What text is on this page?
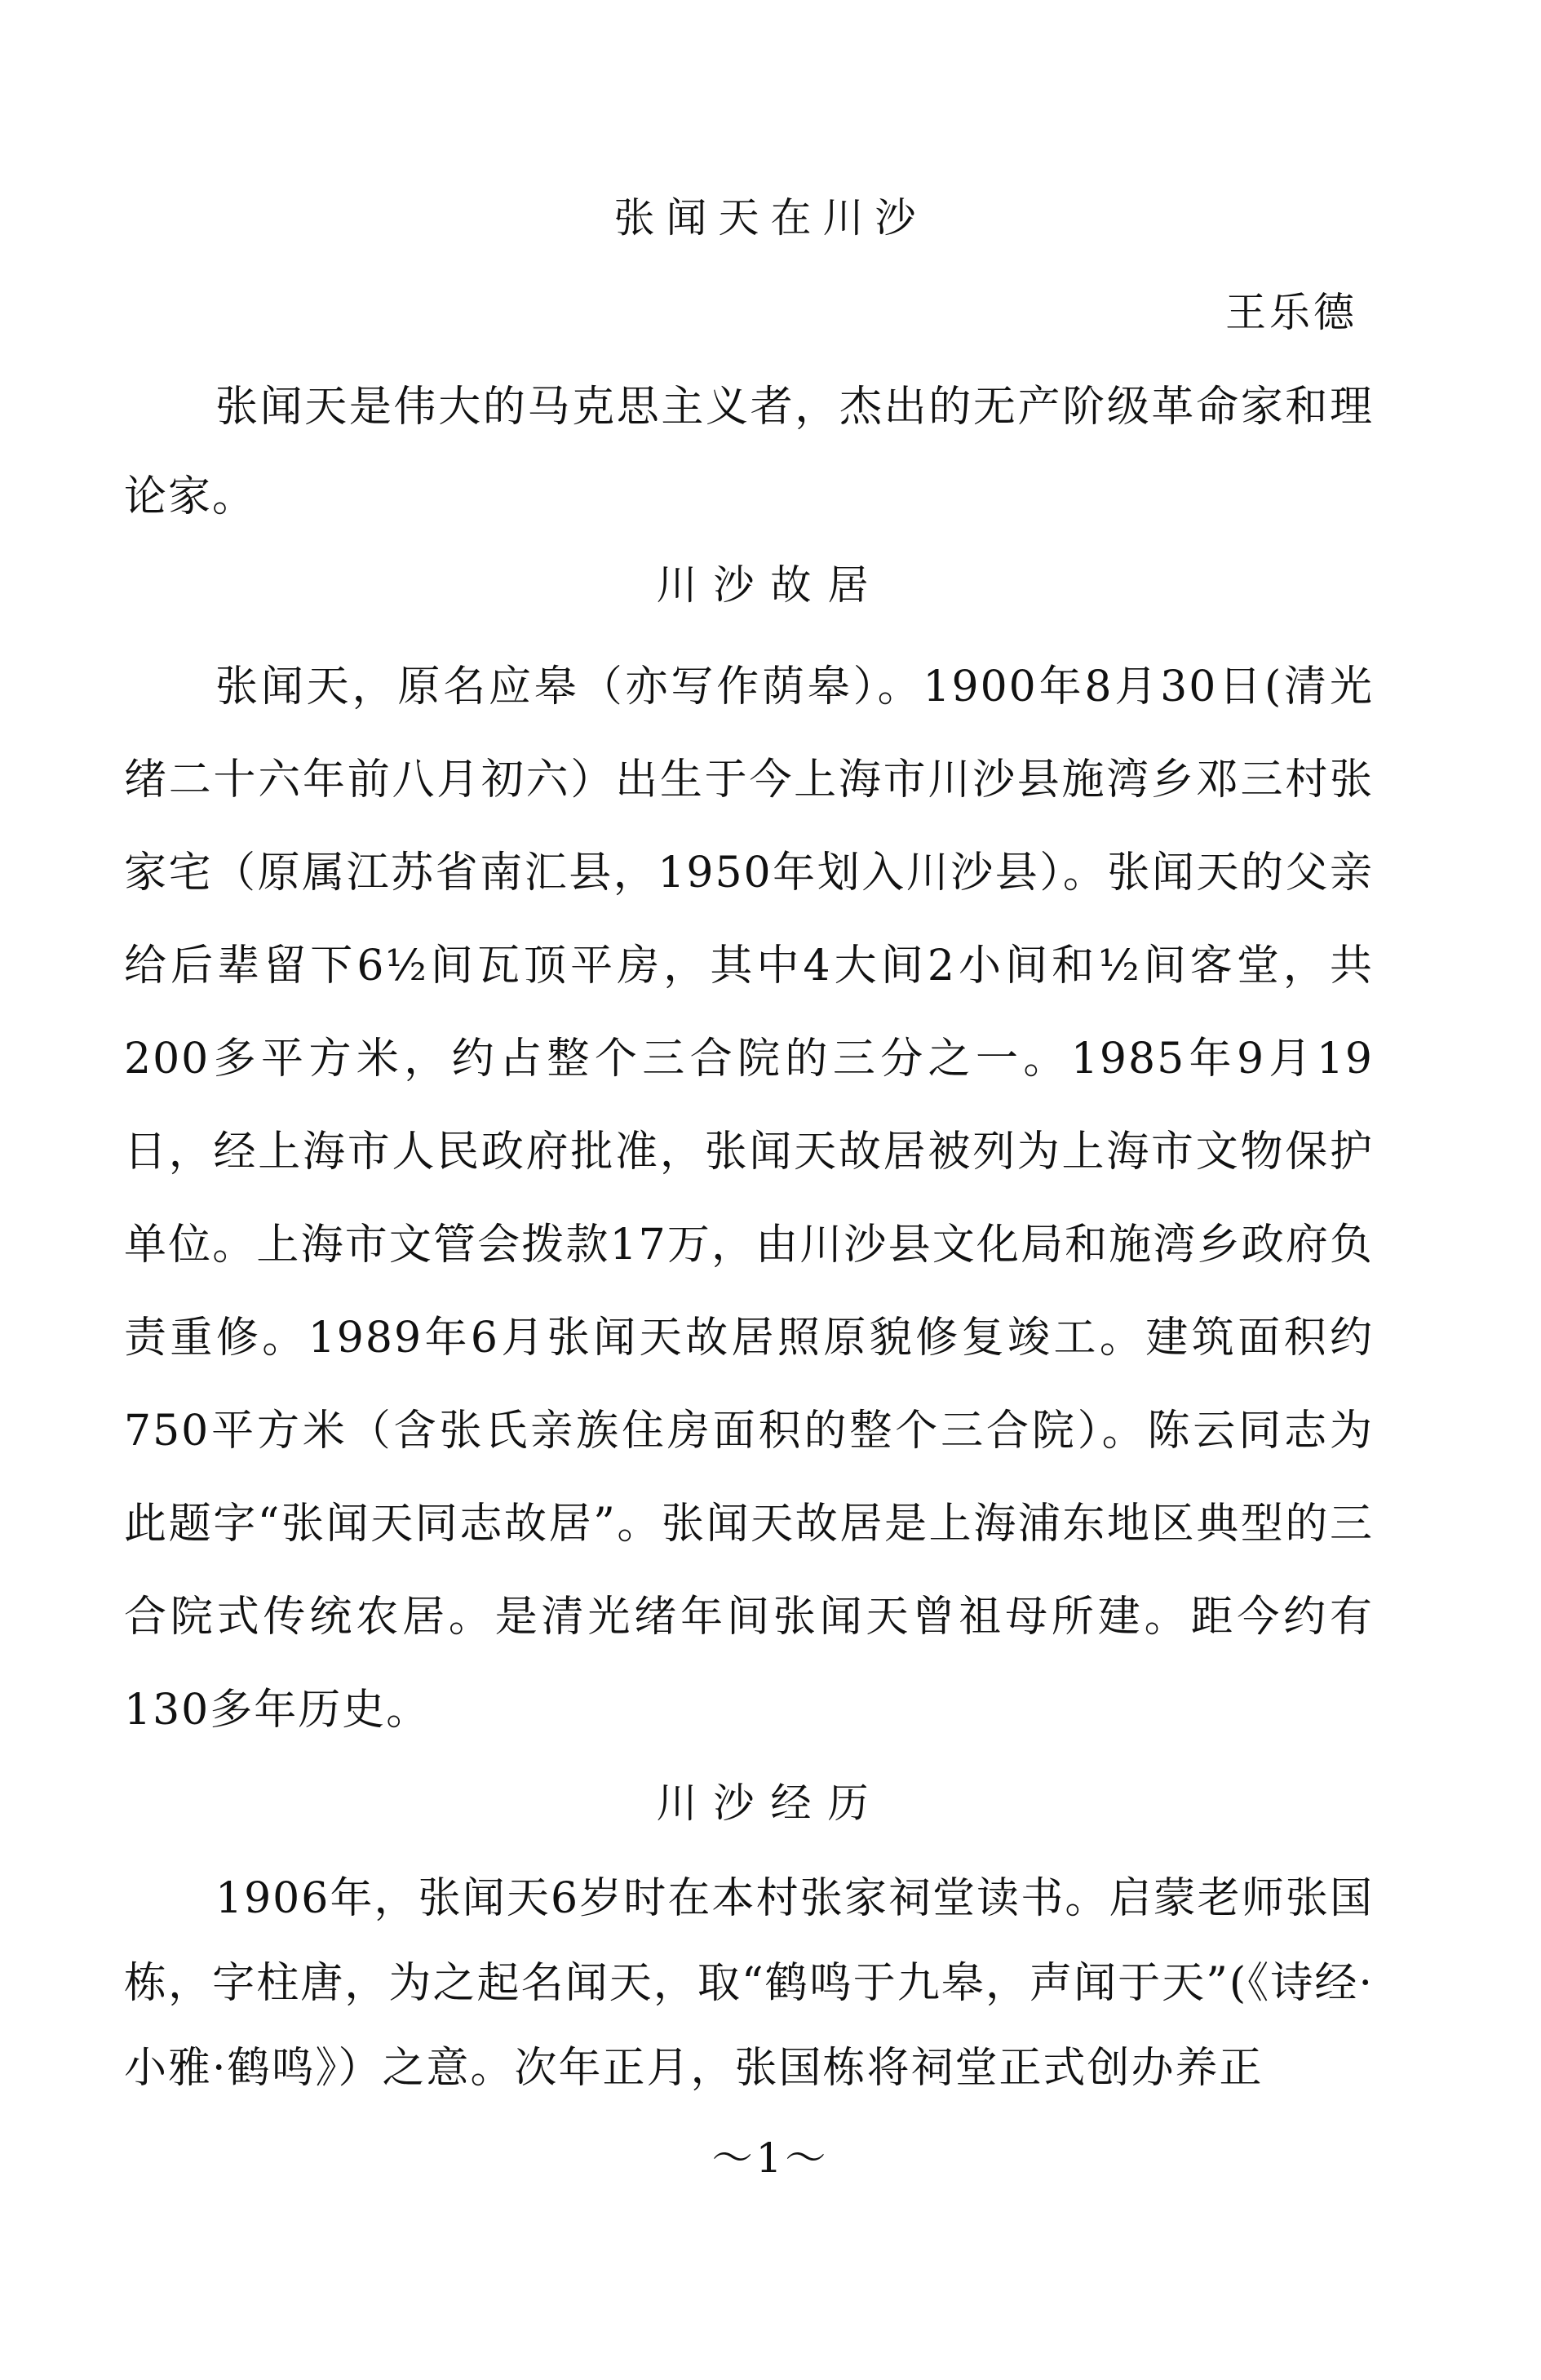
张闻天在川沙
王乐德

张闻天是伟大的马克思主义者，杰出的无产阶级革命家和理论家。

川沙故居

张闻天，原名应皋（亦写作荫皋）。1900年8月30日(清光绪二十六年前八月初六）出生于今上海市川沙县施湾乡邓三村张家宅（原属江苏省南汇县，1950年划入川沙县）。张闻天的父亲给后辈留下6½间瓦顶平房，其中4大间2小间和½间客堂，共200多平方米，约占整个三合院的三分之一。1985年9月19日，经上海市人民政府批准，张闻天故居被列为上海市文物保护单位。上海市文管会拨款17万，由川沙县文化局和施湾乡政府负责重修。1989年6月张闻天故居照原貌修复竣工。建筑面积约750平方米（含张氏亲族住房面积的整个三合院）。陈云同志为此题字“张闻天同志故居”。张闻天故居是上海浦东地区典型的三合院式传统农居。是清光绪年间张闻天曾祖母所建。距今约有130多年历史。

川沙经历

1906年，张闻天6岁时在本村张家祠堂读书。启蒙老师张国栋，字柱唐，为之起名闻天，取“鹤鸣于九皋，声闻于天”(《诗经·小雅·鹤鸣》）之意。次年正月，张国栋将祠堂正式创办养正

～1～
